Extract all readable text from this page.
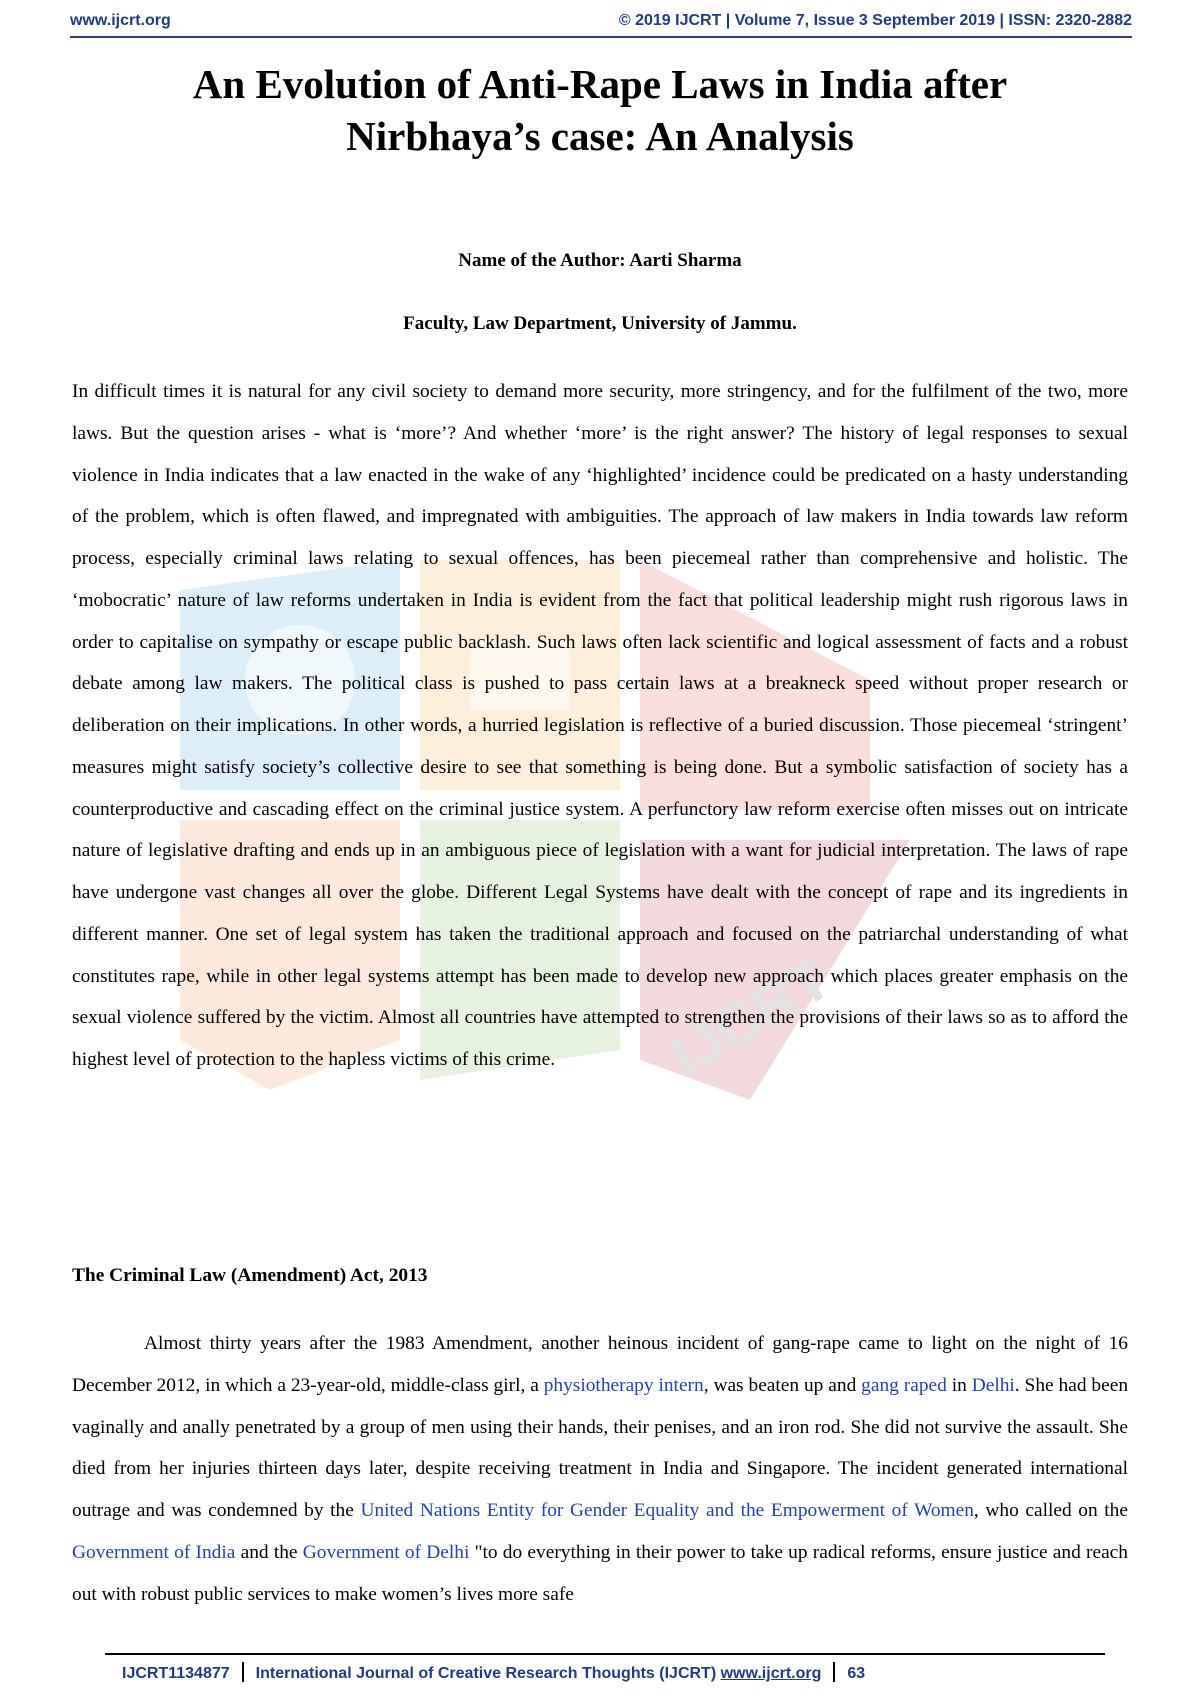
IJCRT
www.ijcrt.org	© 2019 IJCRT | Volume 7, Issue 3 September 2019 | ISSN: 2320-2882
An Evolution of Anti-Rape Laws in India after
Nirbhaya’s case: An Analysis
Name of the Author: Aarti Sharma
Faculty, Law Department, University of Jammu.

In difficult times it is natural for any civil society to demand more security, more stringency, and for the fulfilment of the two, more laws. But the question arises - what is ‘more’? And whether ‘more’ is the right answer? The history of legal responses to sexual violence in India indicates that a law enacted in the wake of any ‘highlighted’ incidence could be predicated on a hasty understanding of the problem, which is often flawed, and impregnated with ambiguities. The approach of law makers in India towards law reform process, especially criminal laws relating to sexual offences, has been piecemeal rather than comprehensive and holistic. The ‘mobocratic’ nature of law reforms undertaken in India is evident from the fact that political leadership might rush rigorous laws in order to capitalise on sympathy or escape public backlash. Such laws often lack scientific and logical assessment of facts and a robust debate among law makers. The political class is pushed to pass certain laws at a breakneck speed without proper research or deliberation on their implications. In other words, a hurried legislation is reflective of a buried discussion. Those piecemeal ‘stringent’ measures might satisfy society’s collective desire to see that something is being done. But a symbolic satisfaction of society has a counterproductive and cascading effect on the criminal justice system. A perfunctory law reform exercise often misses out on intricate nature of legislative drafting and ends up in an ambiguous piece of legislation with a want for judicial interpretation. The laws of rape have undergone vast changes all over the globe. Different Legal Systems have dealt with the concept of rape and its ingredients in different manner. One set of legal system has taken the traditional approach and focused on the patriarchal understanding of what constitutes rape, while in other legal systems attempt has been made to develop new approach which places greater emphasis on the sexual violence suffered by the victim. Almost all countries have attempted to strengthen the provisions of their laws so as to afford the highest level of protection to the hapless victims of this crime.

The Criminal Law (Amendment) Act, 2013

Almost thirty years after the 1983 Amendment, another heinous incident of gang-rape came to light on the night of 16 December 2012, in which a 23-year-old, middle-class girl, a physiotherapy intern, was beaten up and gang raped in Delhi. She had been vaginally and anally penetrated by a group of men using their hands, their penises, and an iron rod. She did not survive the assault. She died from her injuries thirteen days later, despite receiving treatment in India and Singapore. The incident generated international outrage and was condemned by the United Nations Entity for Gender Equality and the Empowerment of Women, who called on the Government of India and the Government of Delhi "to do everything in their power to take up radical reforms, ensure justice and reach out with robust public services to make women’s lives more safe

IJCRT1134877 International Journal of Creative Research Thoughts (IJCRT) www.ijcrt.org 63
